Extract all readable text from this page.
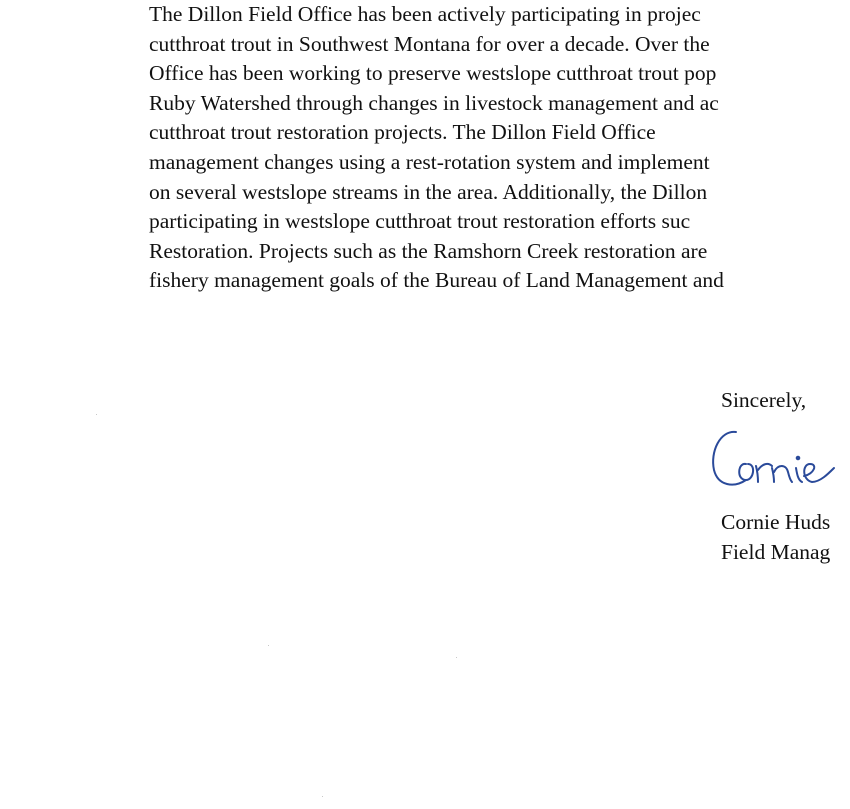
The Dillon Field Office has been actively participating in projec
cutthroat trout in Southwest Montana for over a decade. Over the
Office has been working to preserve westslope cutthroat trout pop
Ruby Watershed through changes in livestock management and ac
cutthroat trout restoration projects. The Dillon Field Office
management changes using a rest-rotation system and implement
on several westslope streams in the area. Additionally, the Dillon
participating in westslope cutthroat trout restoration efforts suc
Restoration. Projects such as the Ramshorn Creek restoration are
fishery management goals of the Bureau of Land Management and
Sincerely,
Cornie Huds
Field Manag
